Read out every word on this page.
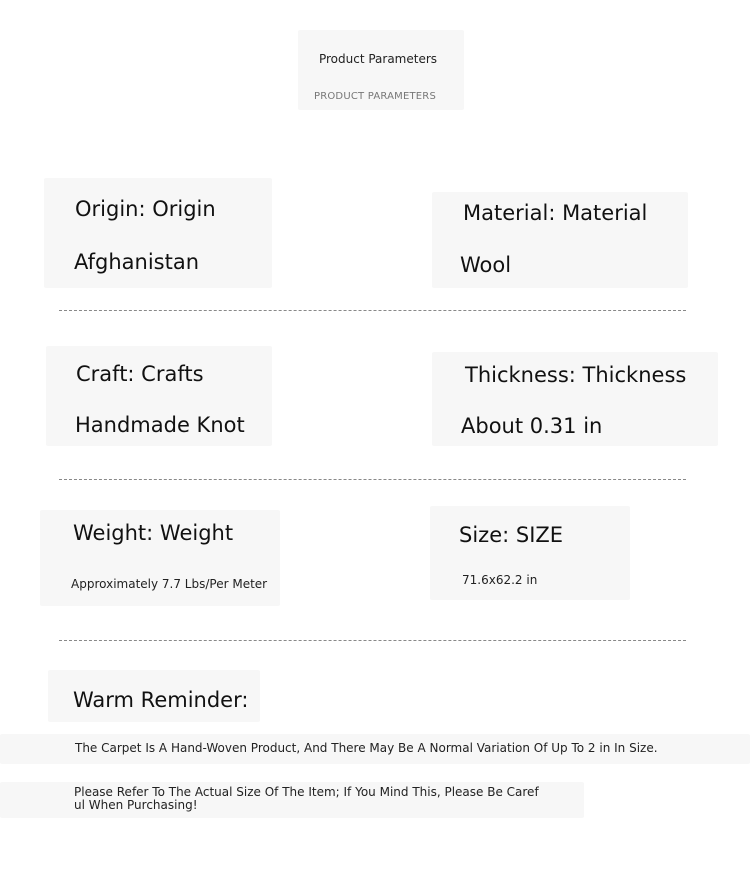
Product Parameters
PRODUCT PARAMETERS
Origin: Origin
Afghanistan
Material: Material
Wool
Craft: Crafts
Handmade Knot
Thickness: Thickness
About 0.31 in
Weight: Weight
Approximately 7.7 Lbs/Per Meter
Size: SIZE
71.6x62.2 in
Warm Reminder:
The Carpet Is A Hand-Woven Product, And There May Be A Normal Variation Of Up To 2 in In Size.
Please Refer To The Actual Size Of The Item; If You Mind This, Please Be Caref
ul When Purchasing!
